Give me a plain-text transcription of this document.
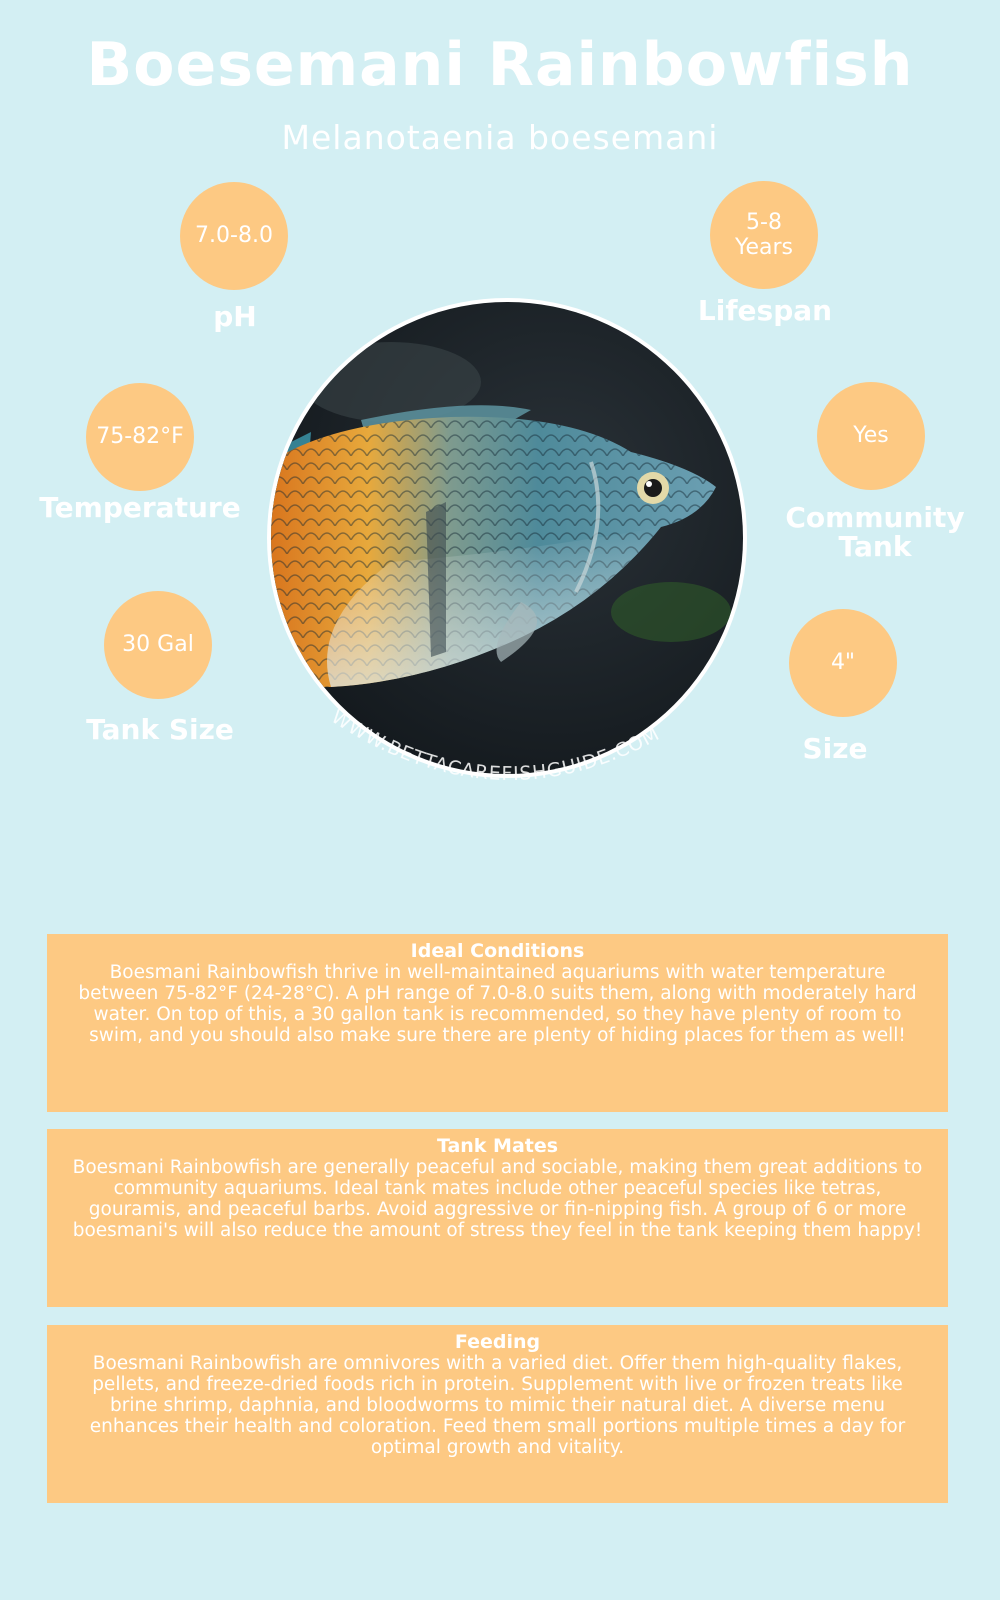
Boesemani Rainbowfish
Melanotaenia boesemani
7.0-8.0
pH
5-8
Years
Lifespan
75-82°F
Temperature
Yes
Community
Tank
30 Gal
Tank Size
4"
Size
WWW.BETTACAREFISHGUIDE.COM
Ideal Conditions

Boesmani Rainbowfish thrive in well-maintained aquariums with water temperature between 75-82°F (24-28°C). A pH range of 7.0-8.0 suits them, along with moderately hard water. On top of this, a 30 gallon tank is recommended, so they have plenty of room to swim, and you should also make sure there are plenty of hiding places for them as well!

Tank Mates

Boesmani Rainbowfish are generally peaceful and sociable, making them great additions to community aquariums. Ideal tank mates include other peaceful species like tetras, gouramis, and peaceful barbs. Avoid aggressive or fin-nipping fish. A group of 6 or more boesmani's will also reduce the amount of stress they feel in the tank keeping them happy!

Feeding

Boesmani Rainbowfish are omnivores with a varied diet. Offer them high-quality flakes, pellets, and freeze-dried foods rich in protein. Supplement with live or frozen treats like brine shrimp, daphnia, and bloodworms to mimic their natural diet. A diverse menu enhances their health and coloration. Feed them small portions multiple times a day for optimal growth and vitality.
